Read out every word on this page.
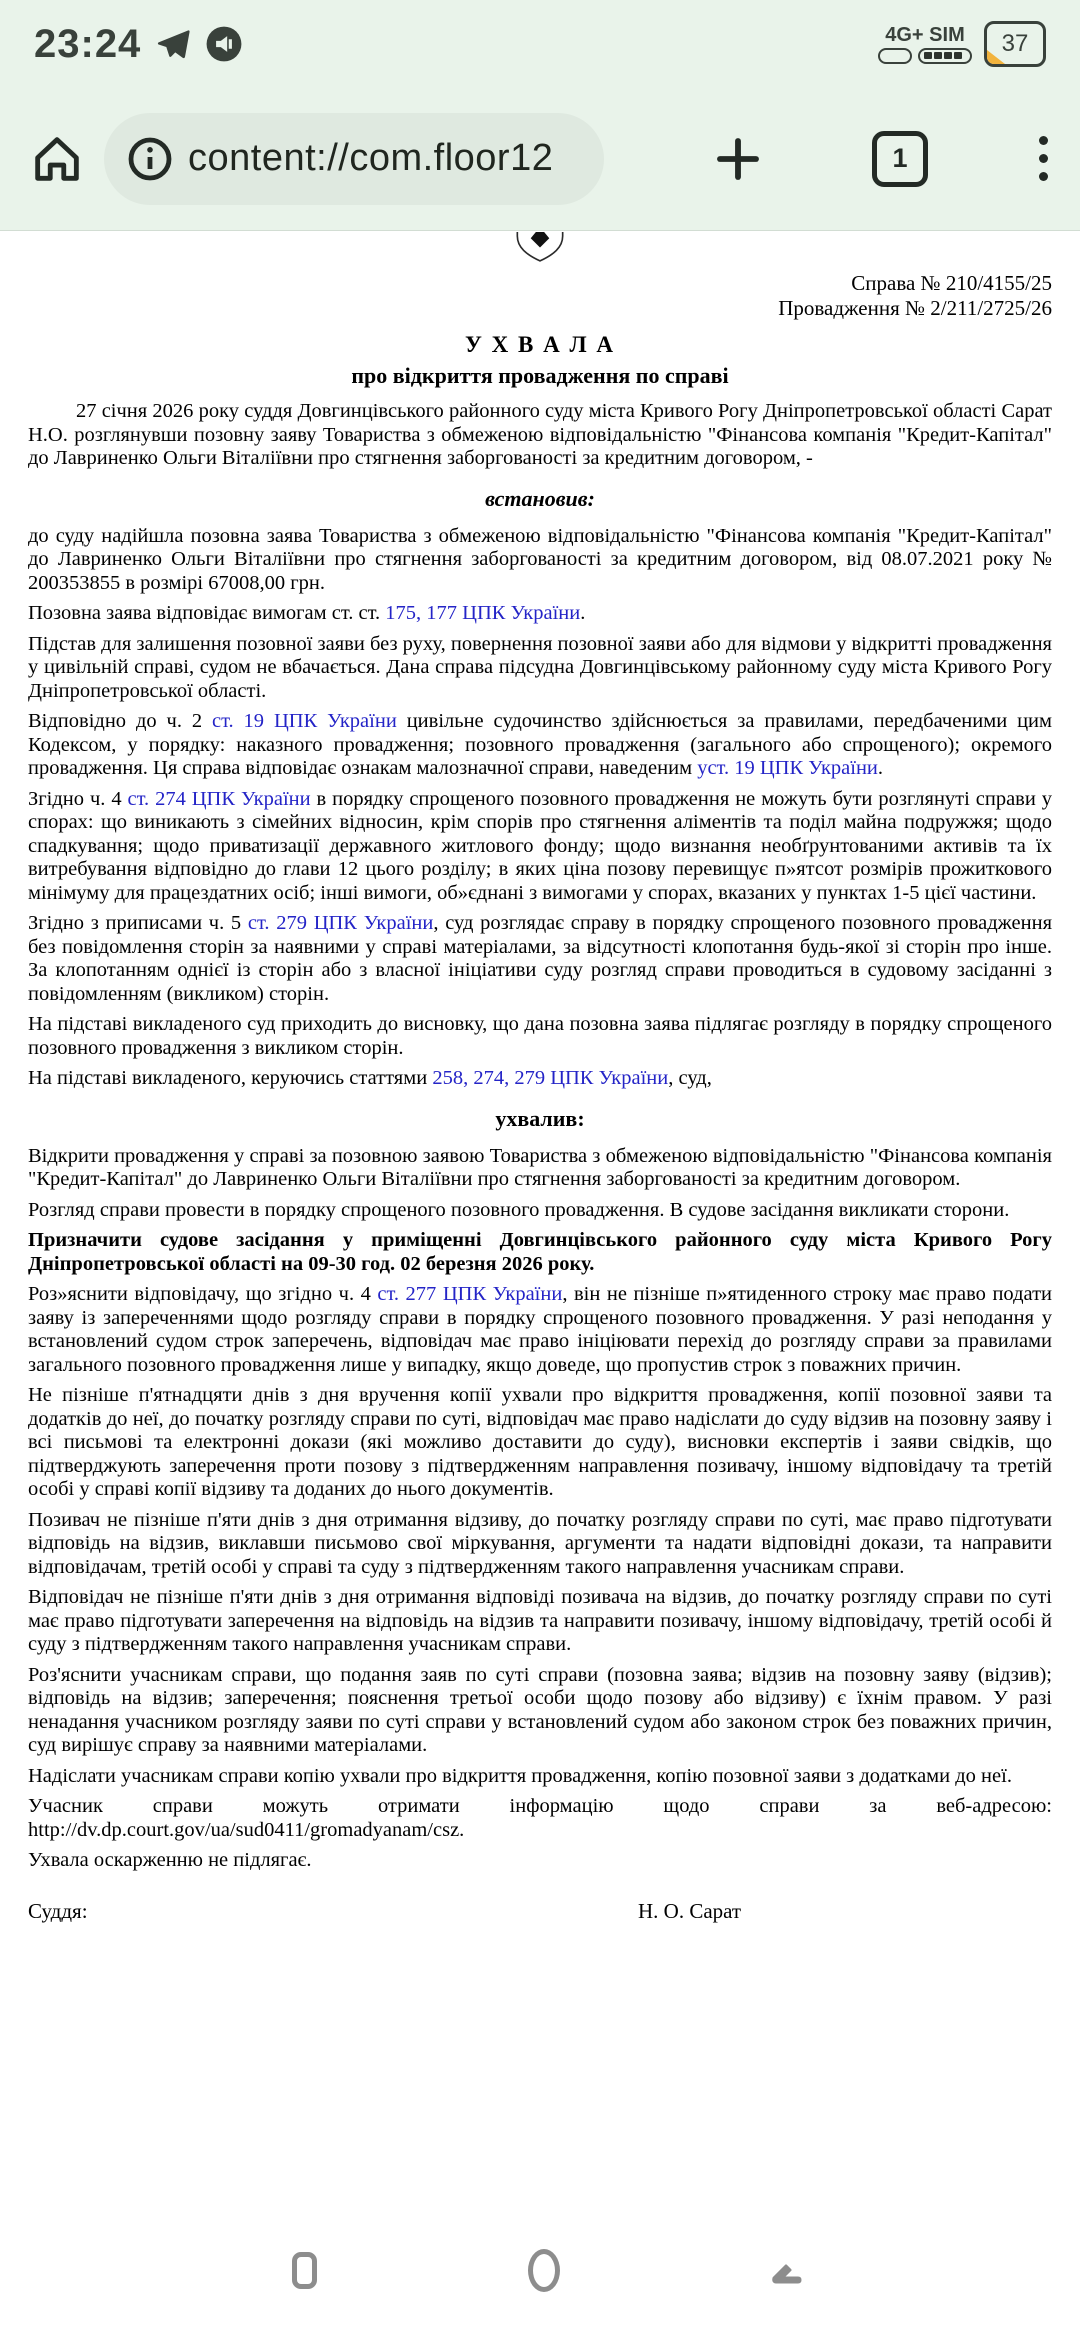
23:24	4G+ SIM 37
content://com.floor12	1
Справа № 210/4155/25
Провадження № 2/211/2725/26
У Х В А Л А
про відкриття провадження по справі

27 січня 2026 року суддя Довгинцівського районного суду міста Кривого Рогу Дніпропетровської області Сарат Н.О. розглянувши позовну заяву Товариства з обмеженою відповідальністю "Фінансова компанія "Кредит-Капітал" до Лавриненко Ольги Віталіївни про стягнення заборгованості за кредитним договором, -

встановив:

до суду надійшла позовна заява Товариства з обмеженою відповідальністю "Фінансова компанія "Кредит-Капітал" до Лавриненко Ольги Віталіївни про стягнення заборгованості за кредитним договором, від 08.07.2021 року № 200353855 в розмірі 67008,00 грн.

Позовна заява відповідає вимогам ст. ст. 175, 177 ЦПК України.

Підстав для залишення позовної заяви без руху, повернення позовної заяви або для відмови у відкритті провадження у цивільній справі, судом не вбачається. Дана справа підсудна Довгинцівському районному суду міста Кривого Рогу Дніпропетровської області.

Відповідно до ч. 2 ст. 19 ЦПК України цивільне судочинство здійснюється за правилами, передбаченими цим Кодексом, у порядку: наказного провадження; позовного провадження (загального або спрощеного); окремого провадження. Ця справа відповідає ознакам малозначної справи, наведеним уст. 19 ЦПК України.

Згідно ч. 4 ст. 274 ЦПК України в порядку спрощеного позовного провадження не можуть бути розглянуті справи у спорах: що виникають з сімейних відносин, крім спорів про стягнення аліментів та поділ майна подружжя; щодо спадкування; щодо приватизації державного житлового фонду; щодо визнання необґрунтованими активів та їх витребування відповідно до глави 12 цього розділу; в яких ціна позову перевищує п»ятсот розмірів прожиткового мінімуму для працездатних осіб; інші вимоги, об»єднані з вимогами у спорах, вказаних у пунктах 1-5 цієї частини.

Згідно з приписами ч. 5 ст. 279 ЦПК України, суд розглядає справу в порядку спрощеного позовного провадження без повідомлення сторін за наявними у справі матеріалами, за відсутності клопотання будь-якої зі сторін про інше. За клопотанням однієї із сторін або з власної ініціативи суду розгляд справи проводиться в судовому засіданні з повідомленням (викликом) сторін.

На підставі викладеного суд приходить до висновку, що дана позовна заява підлягає розгляду в порядку спрощеного позовного провадження з викликом сторін.

На підставі викладеного, керуючись статтями 258, 274, 279 ЦПК України, суд,

ухвалив:

Відкрити провадження у справі за позовною заявою Товариства з обмеженою відповідальністю "Фінансова компанія "Кредит-Капітал" до Лавриненко Ольги Віталіївни про стягнення заборгованості за кредитним договором.

Розгляд справи провести в порядку спрощеного позовного провадження. В судове засідання викликати сторони.

Призначити судове засідання у приміщенні Довгинцівського районного суду міста Кривого Рогу Дніпропетровської області на 09-30 год. 02 березня 2026 року.

Роз»яснити відповідачу, що згідно ч. 4 ст. 277 ЦПК України, він не пізніше п»ятиденного строку має право подати заяву із запереченнями щодо розгляду справи в порядку спрощеного позовного провадження. У разі неподання у встановлений судом строк заперечень, відповідач має право ініціювати перехід до розгляду справи за правилами загального позовного провадження лише у випадку, якщо доведе, що пропустив строк з поважних причин.

Не пізніше п'ятнадцяти днів з дня вручення копії ухвали про відкриття провадження, копії позовної заяви та додатків до неї, до початку розгляду справи по суті, відповідач має право надіслати до суду відзив на позовну заяву і всі письмові та електронні докази (які можливо доставити до суду), висновки експертів і заяви свідків, що підтверджують заперечення проти позову з підтвердженням направлення позивачу, іншому відповідачу та третій особі у справі копії відзиву та доданих до нього документів.

Позивач не пізніше п'яти днів з дня отримання відзиву, до початку розгляду справи по суті, має право підготувати відповідь на відзив, виклавши письмово свої міркування, аргументи та надати відповідні докази, та направити відповідачам, третій особі у справі та суду з підтвердженням такого направлення учасникам справи.

Відповідач не пізніше п'яти днів з дня отримання відповіді позивача на відзив, до початку розгляду справи по суті має право підготувати заперечення на відповідь на відзив та направити позивачу, іншому відповідачу, третій особі й суду з підтвердженням такого направлення учасникам справи.

Роз'яснити учасникам справи, що подання заяв по суті справи (позовна заява; відзив на позовну заяву (відзив); відповідь на відзив; заперечення; пояснення третьої особи щодо позову або відзиву) є їхнім правом. У разі ненадання учасником розгляду заяви по суті справи у встановлений судом або законом строк без поважних причин, суд вирішує справу за наявними матеріалами.

Надіслати учасникам справи копію ухвали про відкриття провадження, копію позовної заяви з додатками до неї.

Учасник справи можуть отримати інформацію щодо справи за веб-адресою: http://dv.dp.court.gov/ua/sud0411/gromadyanam/csz.

Ухвала оскарженню не підлягає.

Суддя:	Н. О. Сарат
